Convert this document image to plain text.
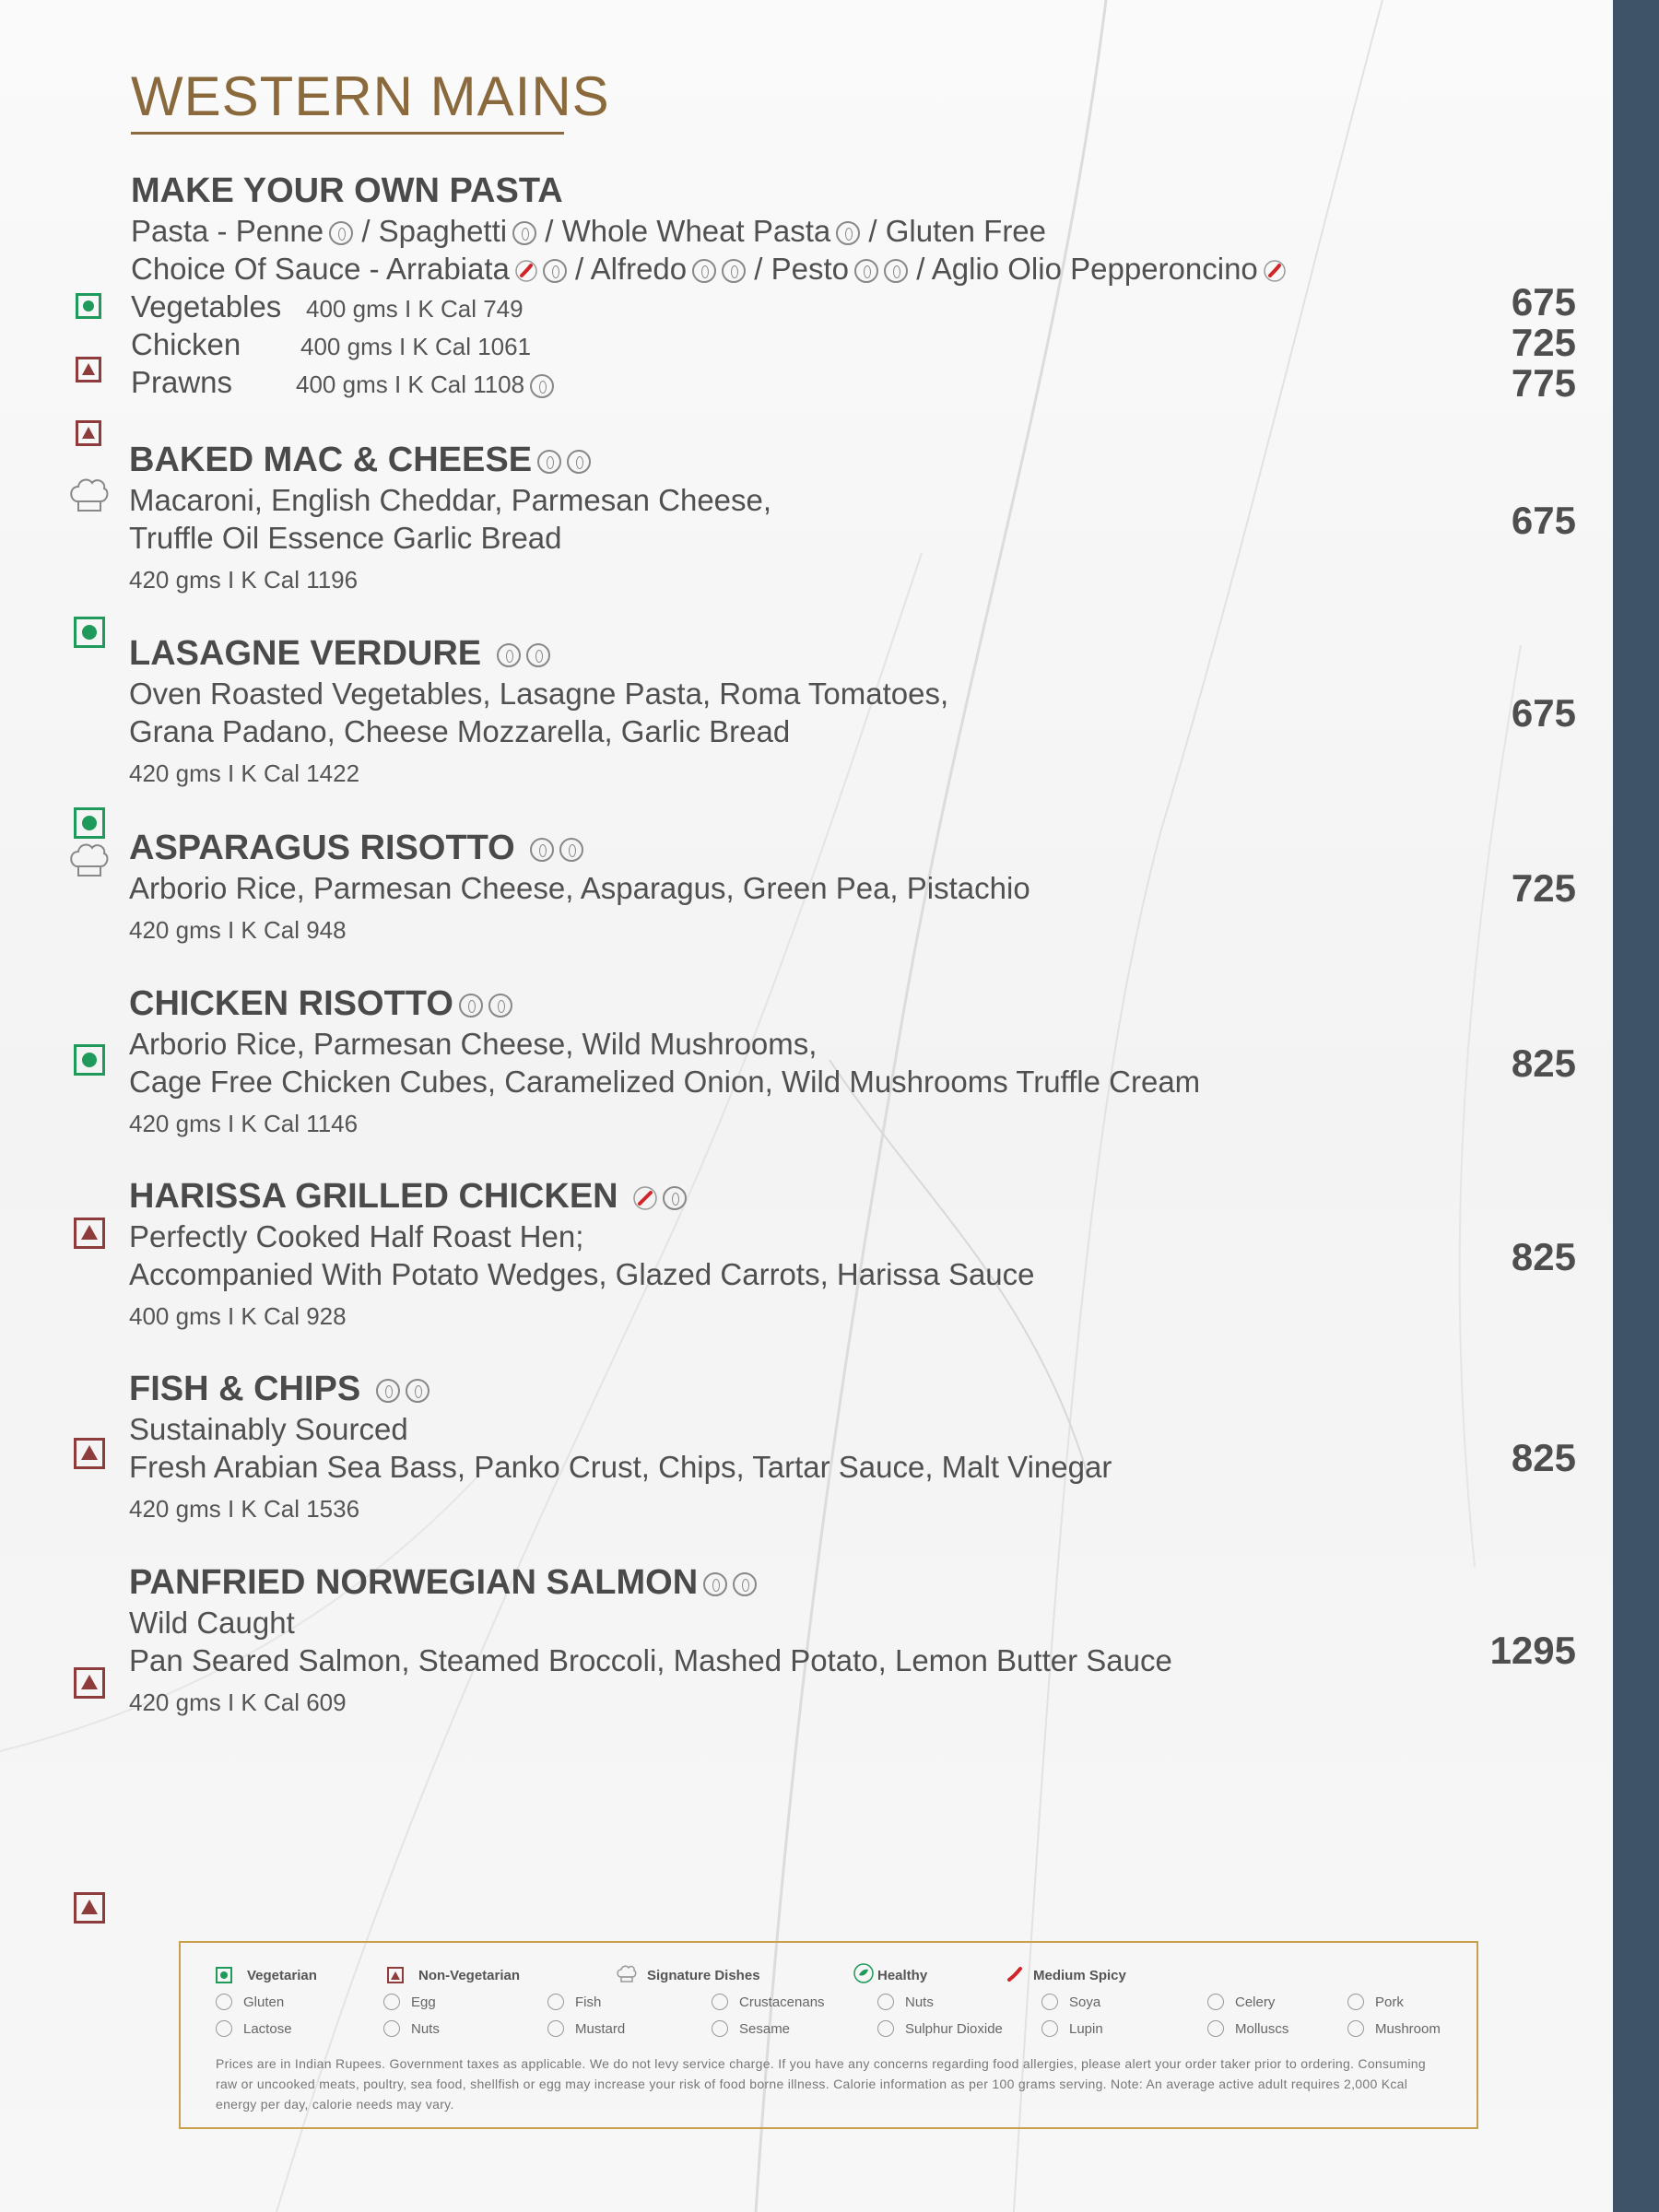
WESTERN MAINS
MAKE YOUR OWN PASTA
Pasta - Penne / Spaghetti / Whole Wheat Pasta / Gluten Free
Choice Of Sauce - Arrabiata / Alfredo / Pesto / Aglio Olio Pepperoncino
Vegetables 400 gms I K Cal 749	675
Chicken 400 gms I K Cal 1061	725
Prawns	400 gms I K Cal 1108	775
BAKED MAC & CHEESE
Macaroni, English Cheddar, Parmesan Cheese,
Truffle Oil Essence Garlic Bread
420 gms I K Cal 1196
675
LASAGNE VERDURE
Oven Roasted Vegetables, Lasagne Pasta, Roma Tomatoes,
Grana Padano, Cheese Mozzarella, Garlic Bread
420 gms I K Cal 1422
675
ASPARAGUS RISOTTO
Arborio Rice, Parmesan Cheese, Asparagus, Green Pea, Pistachio
420 gms I K Cal 948
725
CHICKEN RISOTTO
Arborio Rice, Parmesan Cheese, Wild Mushrooms,
Cage Free Chicken Cubes, Caramelized Onion, Wild Mushrooms Truffle Cream
420 gms I K Cal 1146
825
HARISSA GRILLED CHICKEN
Perfectly Cooked Half Roast Hen;
Accompanied With Potato Wedges, Glazed Carrots, Harissa Sauce
400 gms I K Cal 928
825
FISH & CHIPS
Sustainably Sourced
Fresh Arabian Sea Bass, Panko Crust, Chips, Tartar Sauce, Malt Vinegar
420 gms I K Cal 1536
825
PANFRIED NORWEGIAN SALMON
Wild Caught
Pan Seared Salmon, Steamed Broccoli, Mashed Potato, Lemon Butter Sauce
420 gms I K Cal 609
1295
Vegetarian	Non-Vegetarian	Signature Dishes	Healthy	Medium Spicy
Gluten	Egg	Fish	Crustacenans	Nuts	Soya	Celery	Pork
Lactose	Nuts	Mustard	Sesame	Sulphur Dioxide	Lupin	Molluscs	Mushroom
Prices are in Indian Rupees. Government taxes as applicable. We do not levy service charge. If you have any concerns regarding food allergies, please alert your order taker prior to ordering. Consuming raw or uncooked meats, poultry, sea food, shellfish or egg may increase your risk of food borne illness. Calorie information as per 100 grams serving. Note: An average active adult requires 2,000 Kcal energy per day, calorie needs may vary.
